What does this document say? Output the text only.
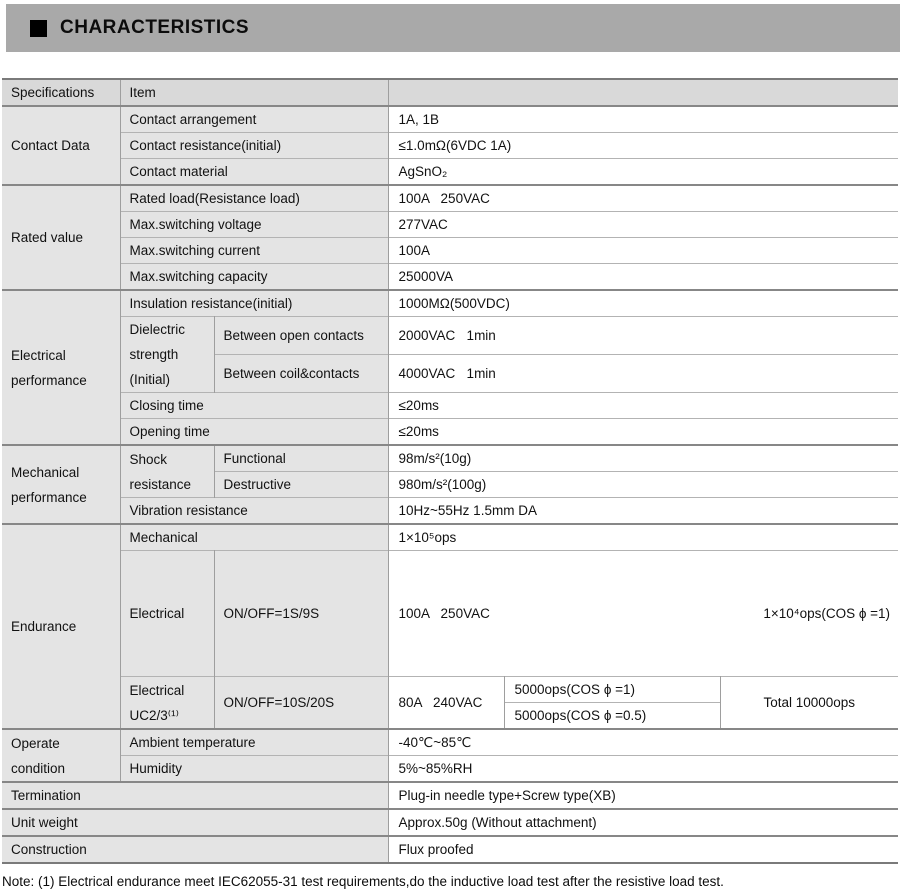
CHARACTERISTICS
Specifications	Item				
Contact Data	Contact arrangement		1A, 1B		
	Contact resistance(initial)		≤1.0mΩ(6VDC 1A)		
	Contact material		AgSnO₂		
Rated value	Rated load(Resistance load)		100A   250VAC		
	Max.switching voltage		277VAC		
	Max.switching current		100A		
	Max.switching capacity		25000VA		
Electrical performance	Insulation resistance(initial)		1000MΩ(500VDC)		
	Dielectric strength (Initial)	Between open contacts	2000VAC   1min		
		Between coil&contacts	4000VAC   1min		
	Closing time		≤20ms		
	Opening time		≤20ms		
Mechanical performance	Shock resistance	Functional	98m/s²(10g)		
		Destructive	980m/s²(100g)		
	Vibration resistance		10Hz~55Hz 1.5mm DA		
Endurance	Mechanical		1×10⁵ops		
	Electrical	ON/OFF=1S/9S	100A   250VAC 1×10⁴ops(COS ϕ =1)		

	Electrical UC2/3⁽¹⁾	ON/OFF=10S/20S	80A   240VAC	5000ops(COS ϕ =1)	Total 10000ops
				5000ops(COS ϕ =0.5)	
Operate condition	Ambient temperature		-40℃~85℃		
	Humidity		5%~85%RH		
Termination			Plug-in needle type+Screw type(XB)		
Unit weight			Approx.50g (Without attachment)		
Construction			Flux proofed		
Note: (1) Electrical endurance meet IEC62055-31 test requirements,do the inductive load test after the resistive load test.
